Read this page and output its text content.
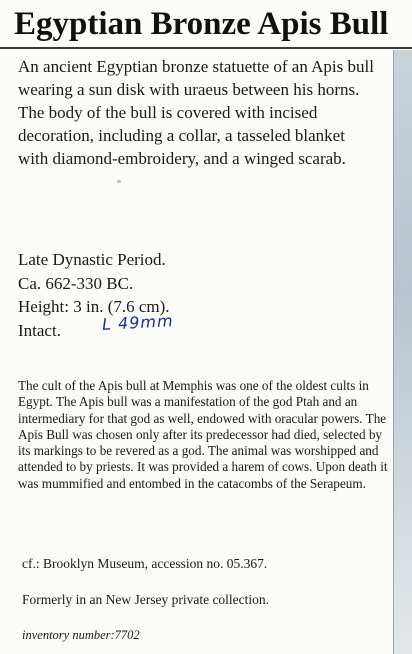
Egyptian Bronze Apis Bull

An ancient Egyptian bronze statuette of an Apis bull wearing a sun disk with uraeus between his horns. The body of the bull is covered with incised decoration, including a collar, a tasseled blanket with diamond-embroidery, and a winged scarab.

Late Dynastic Period.
Ca. 662-330 BC.
Height: 3 in. (7.6 cm).
Intact.	L 49mm

The cult of the Apis bull at Memphis was one of the oldest cults in Egypt. The Apis bull was a manifestation of the god Ptah and an intermediary for that god as well, endowed with oracular powers. The Apis Bull was chosen only after its predecessor had died, selected by its markings to be revered as a god. The animal was worshipped and attended to by priests. It was provided a harem of cows. Upon death it was mummified and entombed in the catacombs of the Serapeum.

cf.: Brooklyn Museum, accession no. 05.367.

Formerly in an New Jersey private collection.

inventory number:7702
